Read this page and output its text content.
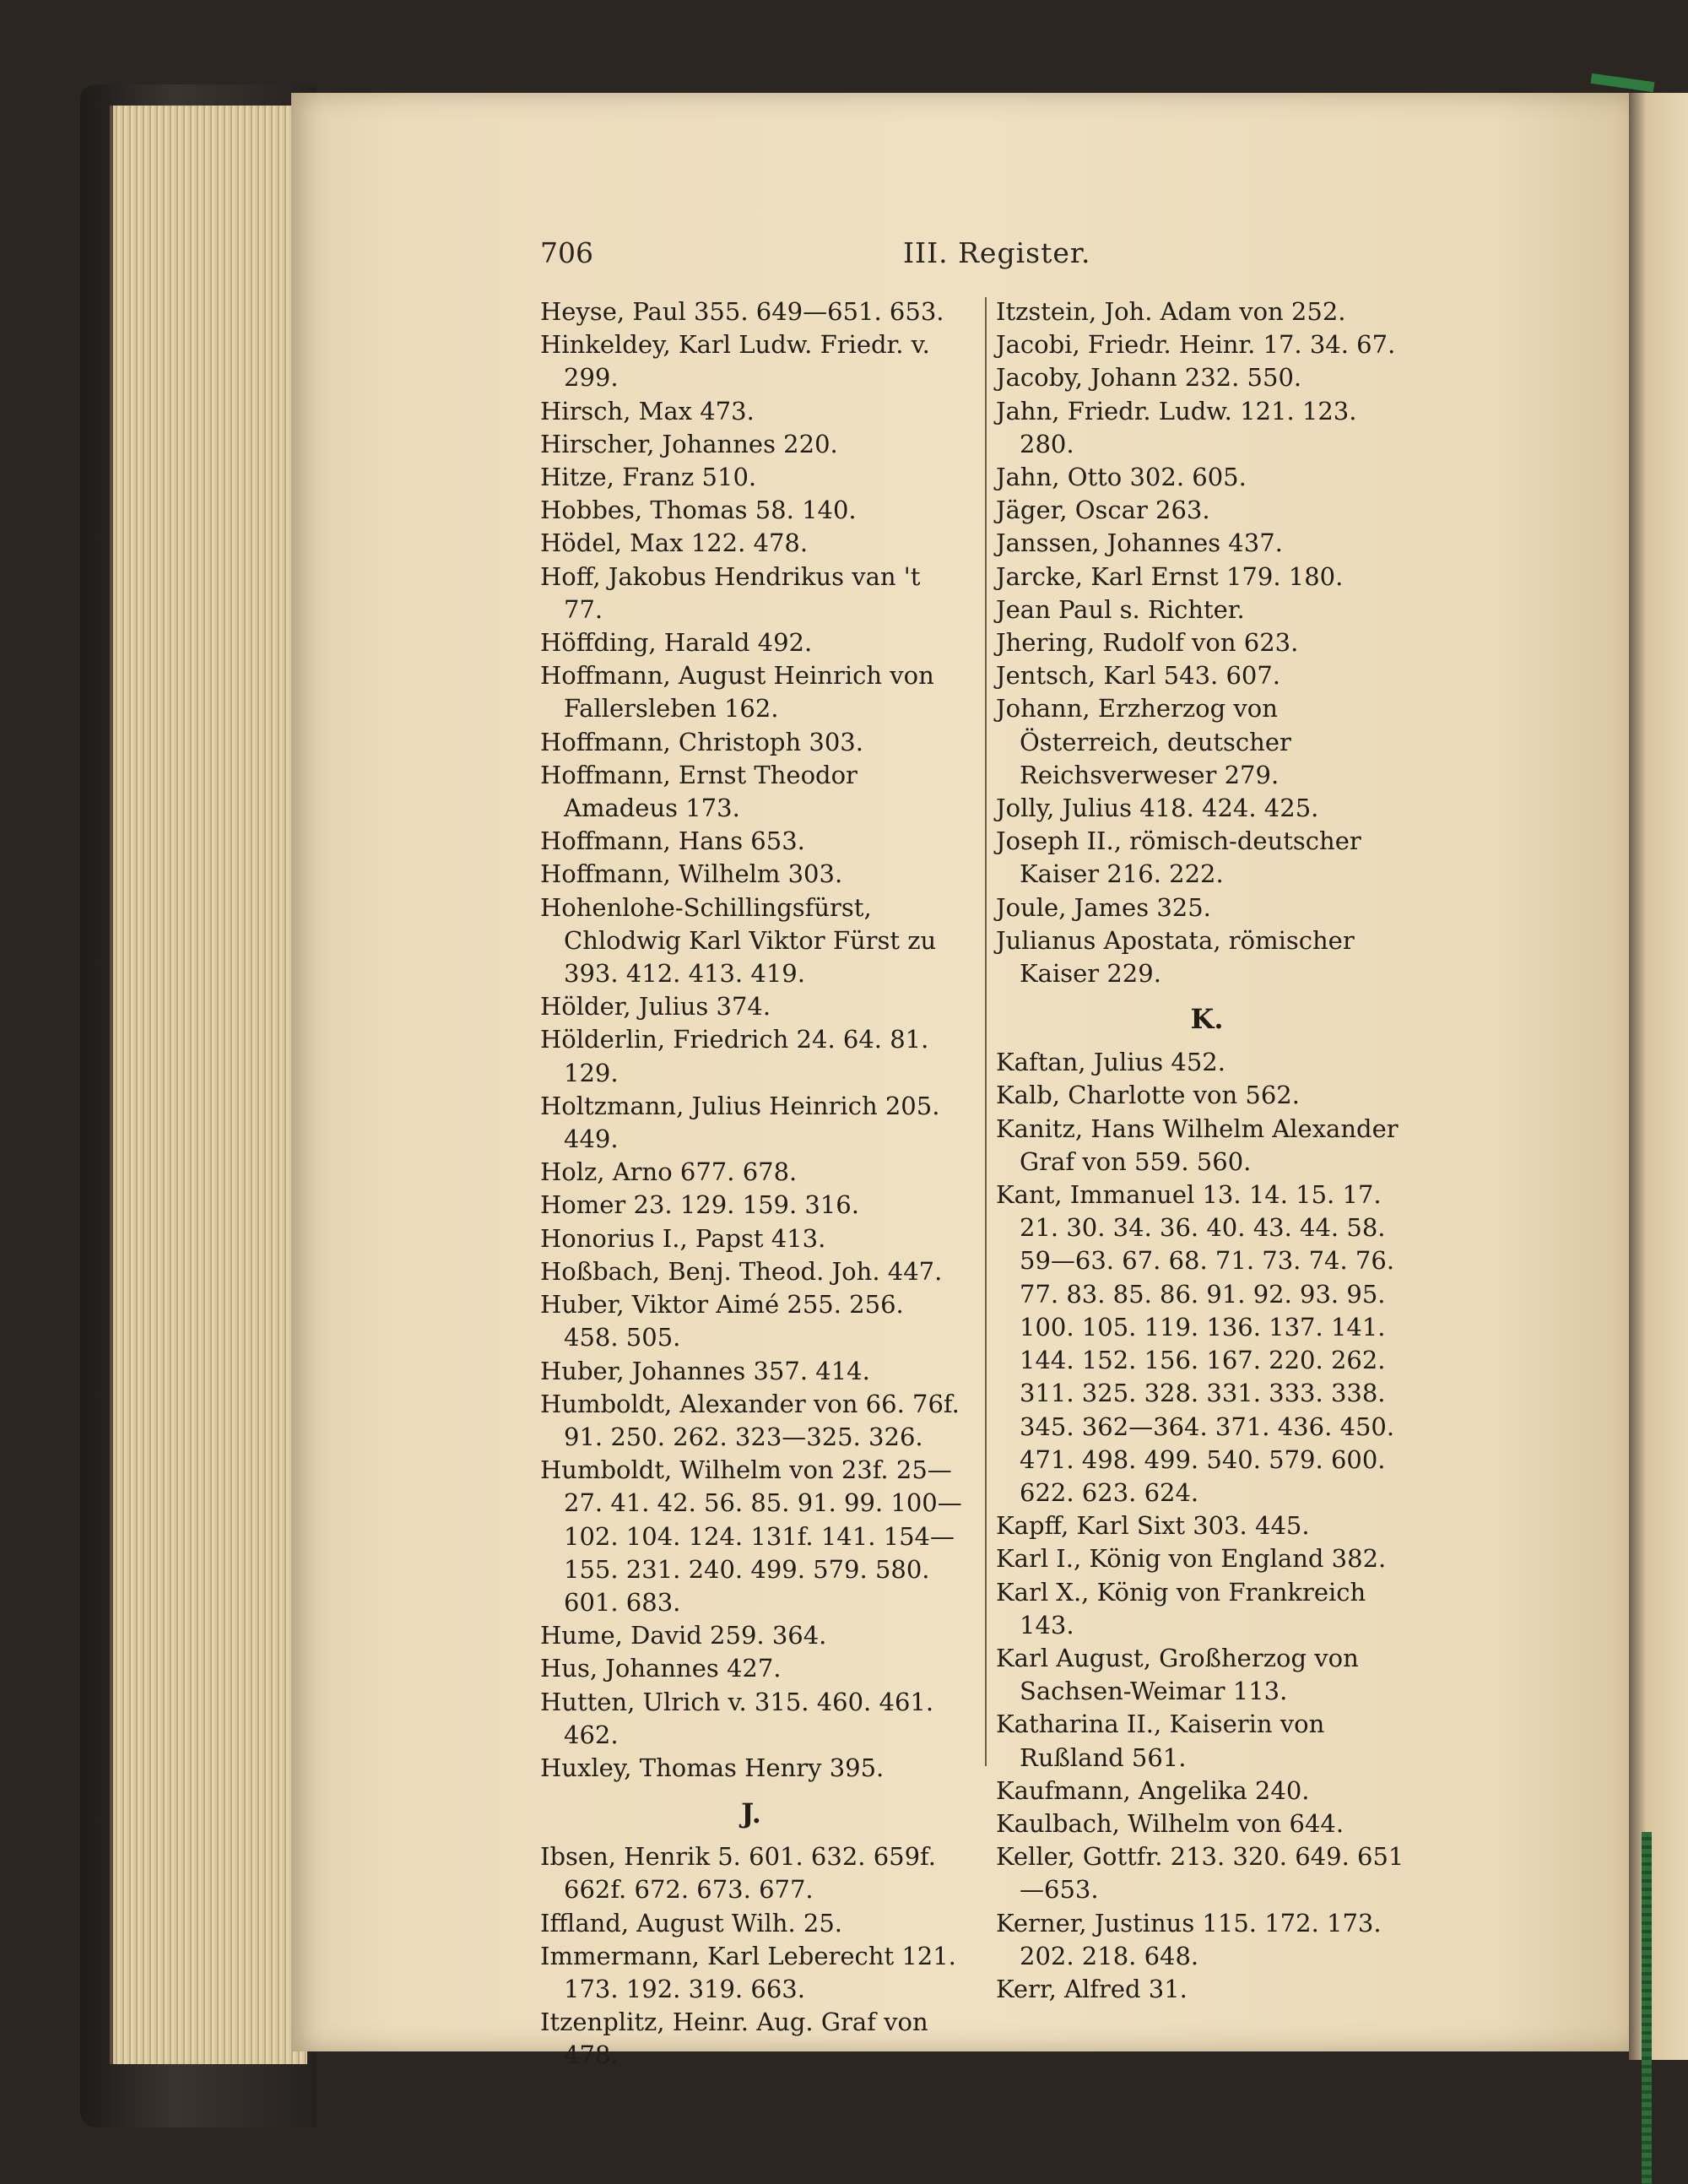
706	III. Register.
Heyse, Paul 355. 649—651. 653.
Hinkeldey, Karl Ludw. Friedr. v. 299.
Hirsch, Max 473.
Hirscher, Johannes 220.
Hitze, Franz 510.
Hobbes, Thomas 58. 140.
Hödel, Max 122. 478.
Hoff, Jakobus Hendrikus van 't 77.
Höffding, Harald 492.
Hoffmann, August Heinrich von Fallersleben 162.
Hoffmann, Christoph 303.
Hoffmann, Ernst Theodor Amadeus 173.
Hoffmann, Hans 653.
Hoffmann, Wilhelm 303.
Hohenlohe-Schillingsfürst, Chlodwig Karl Viktor Fürst zu 393. 412. 413. 419.
Hölder, Julius 374.
Hölderlin, Friedrich 24. 64. 81. 129.
Holtzmann, Julius Heinrich 205. 449.
Holz, Arno 677. 678.
Homer 23. 129. 159. 316.
Honorius I., Papst 413.
Hoßbach, Benj. Theod. Joh. 447.
Huber, Viktor Aimé 255. 256. 458. 505.
Huber, Johannes 357. 414.
Humboldt, Alexander von 66. 76f. 91. 250. 262. 323—325. 326.
Humboldt, Wilhelm von 23f. 25—27. 41. 42. 56. 85. 91. 99. 100—102. 104. 124. 131f. 141. 154—155. 231. 240. 499. 579. 580. 601. 683.
Hume, David 259. 364.
Hus, Johannes 427.
Hutten, Ulrich v. 315. 460. 461. 462.
Huxley, Thomas Henry 395.
J.
Ibsen, Henrik 5. 601. 632. 659f. 662f. 672. 673. 677.
Iffland, August Wilh. 25.
Immermann, Karl Leberecht 121. 173. 192. 319. 663.
Itzenplitz, Heinr. Aug. Graf von 478.
Itzstein, Joh. Adam von 252.
Jacobi, Friedr. Heinr. 17. 34. 67.
Jacoby, Johann 232. 550.
Jahn, Friedr. Ludw. 121. 123. 280.
Jahn, Otto 302. 605.
Jäger, Oscar 263.
Janssen, Johannes 437.
Jarcke, Karl Ernst 179. 180.
Jean Paul s. Richter.
Jhering, Rudolf von 623.
Jentsch, Karl 543. 607.
Johann, Erzherzog von Österreich, deutscher Reichsverweser 279.
Jolly, Julius 418. 424. 425.
Joseph II., römisch-deutscher Kaiser 216. 222.
Joule, James 325.
Julianus Apostata, römischer Kaiser 229.
K.
Kaftan, Julius 452.
Kalb, Charlotte von 562.
Kanitz, Hans Wilhelm Alexander Graf von 559. 560.
Kant, Immanuel 13. 14. 15. 17. 21. 30. 34. 36. 40. 43. 44. 58. 59—63. 67. 68. 71. 73. 74. 76. 77. 83. 85. 86. 91. 92. 93. 95. 100. 105. 119. 136. 137. 141. 144. 152. 156. 167. 220. 262. 311. 325. 328. 331. 333. 338. 345. 362—364. 371. 436. 450. 471. 498. 499. 540. 579. 600. 622. 623. 624.
Kapff, Karl Sixt 303. 445.
Karl I., König von England 382.
Karl X., König von Frankreich 143.
Karl August, Großherzog von Sachsen-Weimar 113.
Katharina II., Kaiserin von Rußland 561.
Kaufmann, Angelika 240.
Kaulbach, Wilhelm von 644.
Keller, Gottfr. 213. 320. 649. 651—653.
Kerner, Justinus 115. 172. 173. 202. 218. 648.
Kerr, Alfred 31.
